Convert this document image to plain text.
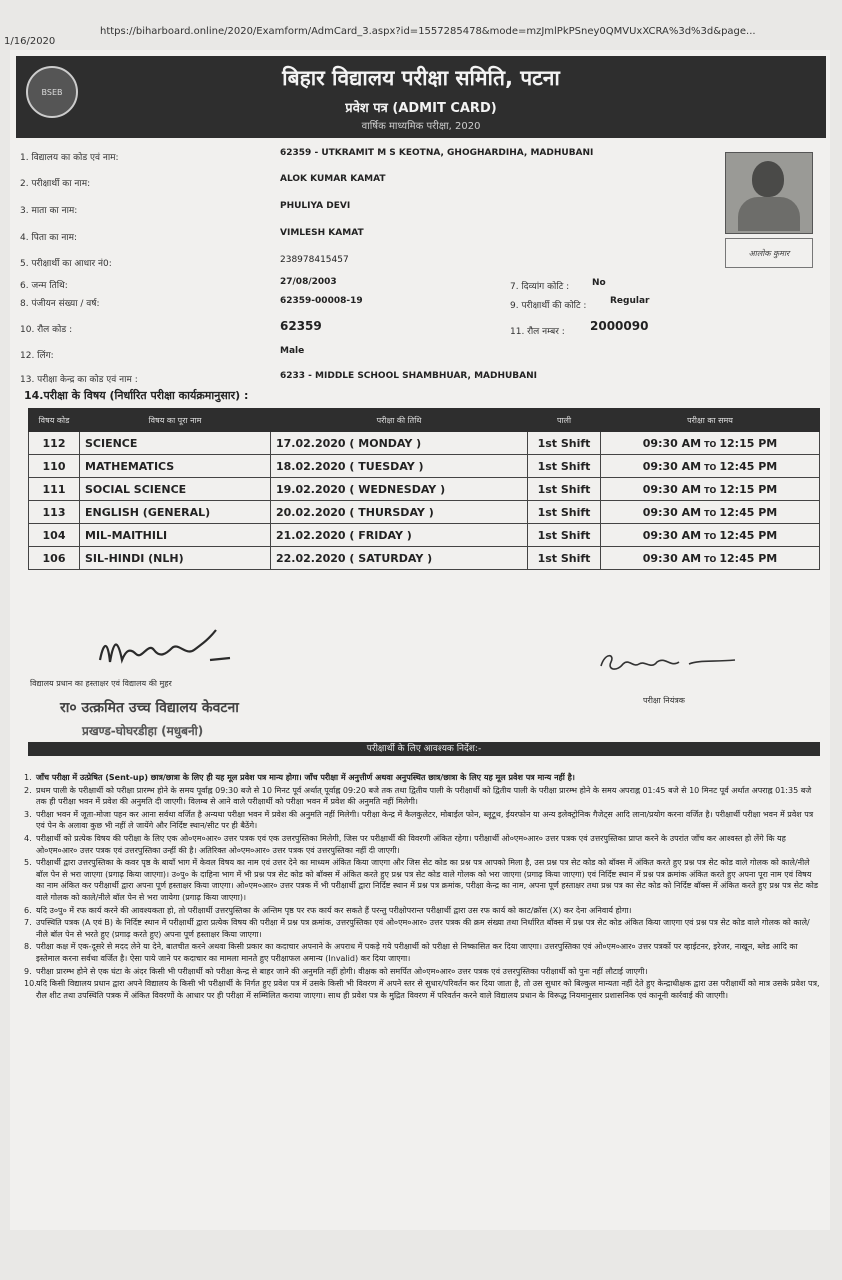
1/16/2020
https://biharboard.online/2020/Examform/AdmCard_3.aspx?id=1557285478&mode=mzJmlPkPSney0QMVUxXCRA%3d%3d&page...
BSEB
बिहार विद्यालय परीक्षा समिति, पटना
प्रवेश पत्र (ADMIT CARD)
वार्षिक माध्यमिक परीक्षा, 2020
1. विद्यालय का कोड एवं नाम:	62359 - UTKRAMIT M S KEOTNA, GHOGHARDIHA, MADHUBANI
2. परीक्षार्थी का नाम:	ALOK KUMAR KAMAT
3. माता का नाम:	PHULIYA DEVI
4. पिता का नाम:	VIMLESH KAMAT
5. परीक्षार्थी का आधार नं0:	238978415457
6. जन्म तिथि:	27/08/2003	7. दिव्यांग कोटि :	No
8. पंजीयन संख्या / वर्ष:	62359-00008-19	9. परीक्षार्थी की कोटि :	Regular
10. रौल कोड :	62359	11. रौल नम्बर : 2000090
12. लिंग:	Male
13. परीक्षा केन्द्र का कोड एवं नाम :	6233 - MIDDLE SCHOOL SHAMBHUAR, MADHUBANI
आलोक कुमार
14.परीक्षा के विषय (निर्धारित परीक्षा कार्यक्रमानुसार) :
विषय कोड	विषय का पूरा नाम	परीक्षा की तिथि	पाली	परीक्षा का समय
112	SCIENCE	17.02.2020 ( MONDAY )	1st Shift	09:30 AM TO 12:15 PM
110	MATHEMATICS	18.02.2020 ( TUESDAY )	1st Shift	09:30 AM TO 12:45 PM
111	SOCIAL SCIENCE	19.02.2020 ( WEDNESDAY )	1st Shift	09:30 AM TO 12:15 PM
113	ENGLISH (GENERAL)	20.02.2020 ( THURSDAY )	1st Shift	09:30 AM TO 12:45 PM
104	MIL-MAITHILI	21.02.2020 ( FRIDAY )	1st Shift	09:30 AM TO 12:45 PM
106	SIL-HINDI (NLH)	22.02.2020 ( SATURDAY )	1st Shift	09:30 AM TO 12:45 PM
विद्यालय प्रधान का हस्ताक्षर एवं विद्यालय की मुहर
परीक्षा नियंत्रक
रा० उत्क्रमित उच्च विद्यालय केवटना
प्रखण्ड-घोघरडीहा (मधुबनी)
परीक्षार्थी के लिए आवश्यक निर्देश:-
1. जाँच परीक्षा में उत्प्रेषित (Sent-up) छात्र/छात्रा के लिए ही यह मूल प्रवेश पत्र मान्य होगा। जाँच परीक्षा में अनुत्तीर्ण अथवा अनुपस्थित छात्र/छात्रा के लिए यह मूल प्रवेश पत्र मान्य नहीं है।
2. प्रथम पाली के परीक्षार्थी को परीक्षा प्रारम्भ होने के समय पूर्वाह्न 09:30 बजे से 10 मिनट पूर्व अर्थात् पूर्वाह्न 09:20 बजे तक तथा द्वितीय पाली के परीक्षार्थी को द्वितीय पाली के परीक्षा प्रारम्भ होने के समय अपराह्न 01:45 बजे से 10 मिनट पूर्व अर्थात अपराह्न 01:35 बजे तक ही परीक्षा भवन में प्रवेश की अनुमति दी जाएगी। विलम्ब से आने वाले परीक्षार्थी को परीक्षा भवन में प्रवेश की अनुमति नहीं मिलेगी।
3. परीक्षा भवन में जूता-मोजा पहन कर आना सर्वथा वर्जित है अन्यथा परीक्षा भवन में प्रवेश की अनुमति नहीं मिलेगी। परीक्षा केन्द्र में कैलकुलेटर, मोबाईल फोन, ब्लूटूथ, ईयरफोन या अन्य इलेक्ट्रोनिक गैजेट्स आदि लाना/प्रयोग करना वर्जित है। परीक्षार्थी परीक्षा भवन में प्रवेश पत्र एवं पेन के अलावा कुछ भी नहीं ले जायेंगे और निर्दिष्ट स्थान/सीट पर ही बैठेंगे।
4. परीक्षार्थी को प्रत्येक विषय की परीक्षा के लिए एक ओ०एम०आर० उत्तर पत्रक एवं एक उत्तरपुस्तिका मिलेगी, जिस पर परीक्षार्थी की विवरणी अंकित रहेगा। परीक्षार्थी ओ०एम०आर० उत्तर पत्रक एवं उत्तरपुस्तिका प्राप्त करने के उपरांत जाँच कर आश्वस्त हो लेंगे कि यह ओ०एम०आर० उत्तर पत्रक एवं उत्तरपुस्तिका उन्हीं की है। अतिरिक्त ओ०एम०आर० उत्तर पत्रक एवं उत्तरपुस्तिका नहीं दी जाएगी।
5. परीक्षार्थी द्वारा उत्तरपुस्तिका के कवर पृष्ठ के बायाँ भाग में केवल विषय का नाम एवं उत्तर देने का माध्यम अंकित किया जाएगा और जिस सेट कोड का प्रश्न पत्र आपको मिला है, उस प्रश्न पत्र सेट कोड को बॉक्स में अंकित करते हुए प्रश्न पत्र सेट कोड वाले गोलक को काले/नीले बॉल पेन से भरा जाएगा (प्रगाढ़ किया जाएगा)। उ०पु० के दाहिना भाग में भी प्रश्न पत्र सेट कोड को बॉक्स में अंकित करते हुए प्रश्न पत्र सेट कोड वाले गोलक को भरा जाएगा (प्रगाढ़ किया जाएगा) एवं निर्दिष्ट स्थान में प्रश्न पत्र क्रमांक अंकित करते हुए अपना पूरा नाम एवं विषय का नाम अंकित कर परीक्षार्थी द्वारा अपना पूर्ण हस्ताक्षर किया जाएगा। ओ०एम०आर० उत्तर पत्रक में भी परीक्षार्थी द्वारा निर्दिष्ट स्थान में प्रश्न पत्र क्रमांक, परीक्षा केन्द्र का नाम, अपना पूर्ण हस्ताक्षर तथा प्रश्न पत्र का सेट कोड को निर्दिष्ट बॉक्स में अंकित करते हुए प्रश्न पत्र सेट कोड वाले गोलक को काले/नीले बॉल पेन से भरा जायेगा (प्रगाढ़ किया जाएगा)।
6. यदि उ०पु० में रफ कार्य करने की आवश्यकता हो, तो परीक्षार्थी उत्तरपुस्तिका के अन्तिम पृष्ठ पर रफ कार्य कर सकते हैं परन्तु परीक्षोपरान्त परीक्षार्थी द्वारा उस रफ कार्य को काट/क्रॉस (X) कर देना अनिवार्य होगा।
7. उपस्थिति पत्रक (A एवं B) के निर्दिष्ट स्थान में परीक्षार्थी द्वारा प्रत्येक विषय की परीक्षा में प्रश्न पत्र क्रमांक, उत्तरपुस्तिका एवं ओ०एम०आर० उत्तर पत्रक की क्रम संख्या तथा निर्धारित बॉक्स में प्रश्न पत्र सेट कोड अंकित किया जाएगा एवं प्रश्न पत्र सेट कोड वाले गोलक को काले/नीले बॉल पेन से भरते हुए (प्रगाढ़ करते हुए) अपना पूर्ण हस्ताक्षर किया जाएगा।
8. परीक्षा कक्ष में एक-दूसरे से मदद लेने या देने, बातचीत करने अथवा किसी प्रकार का कदाचार अपनाने के अपराध में पकड़े गये परीक्षार्थी को परीक्षा से निष्कासित कर दिया जाएगा। उत्तरपुस्तिका एवं ओ०एम०आर० उत्तर पत्रकों पर व्हाईटनर, इरेजर, नाखून, ब्लेड आदि का इस्तेमाल करना सर्वथा वर्जित है। ऐसा पाये जाने पर कदाचार का मामला मानते हुए परीक्षाफल अमान्य (Invalid) कर दिया जाएगा।
9. परीक्षा प्रारम्भ होने से एक घंटा के अंदर किसी भी परीक्षार्थी को परीक्षा केन्द्र से बाहर जाने की अनुमति नहीं होगी। वीक्षक को समर्पित ओ०एम०आर० उत्तर पत्रक एवं उत्तरपुस्तिका परीक्षार्थी को पुनः नहीं लौटाई जाएगी।
10. यदि किसी विद्यालय प्रधान द्वारा अपने विद्यालय के किसी भी परीक्षार्थी के निर्गत हुए प्रवेश पत्र में उसके किसी भी विवरण में अपने स्तर से सुधार/परिवर्तन कर दिया जाता है, तो उस सुधार को बिल्कुल मान्यता नहीं देते हुए केन्द्राधीक्षक द्वारा उस परीक्षार्थी को मात्र उसके प्रवेश पत्र, रौल शीट तथा उपस्थिति पत्रक में अंकित विवरणों के आधार पर ही परीक्षा में सम्मिलित कराया जाएगा। साथ ही प्रवेश पत्र के मुद्रित विवरण में परिवर्तन करने वाले विद्यालय प्रधान के विरूद्ध नियमानुसार प्रशासनिक एवं कानूनी कार्रवाई की जाएगी।
